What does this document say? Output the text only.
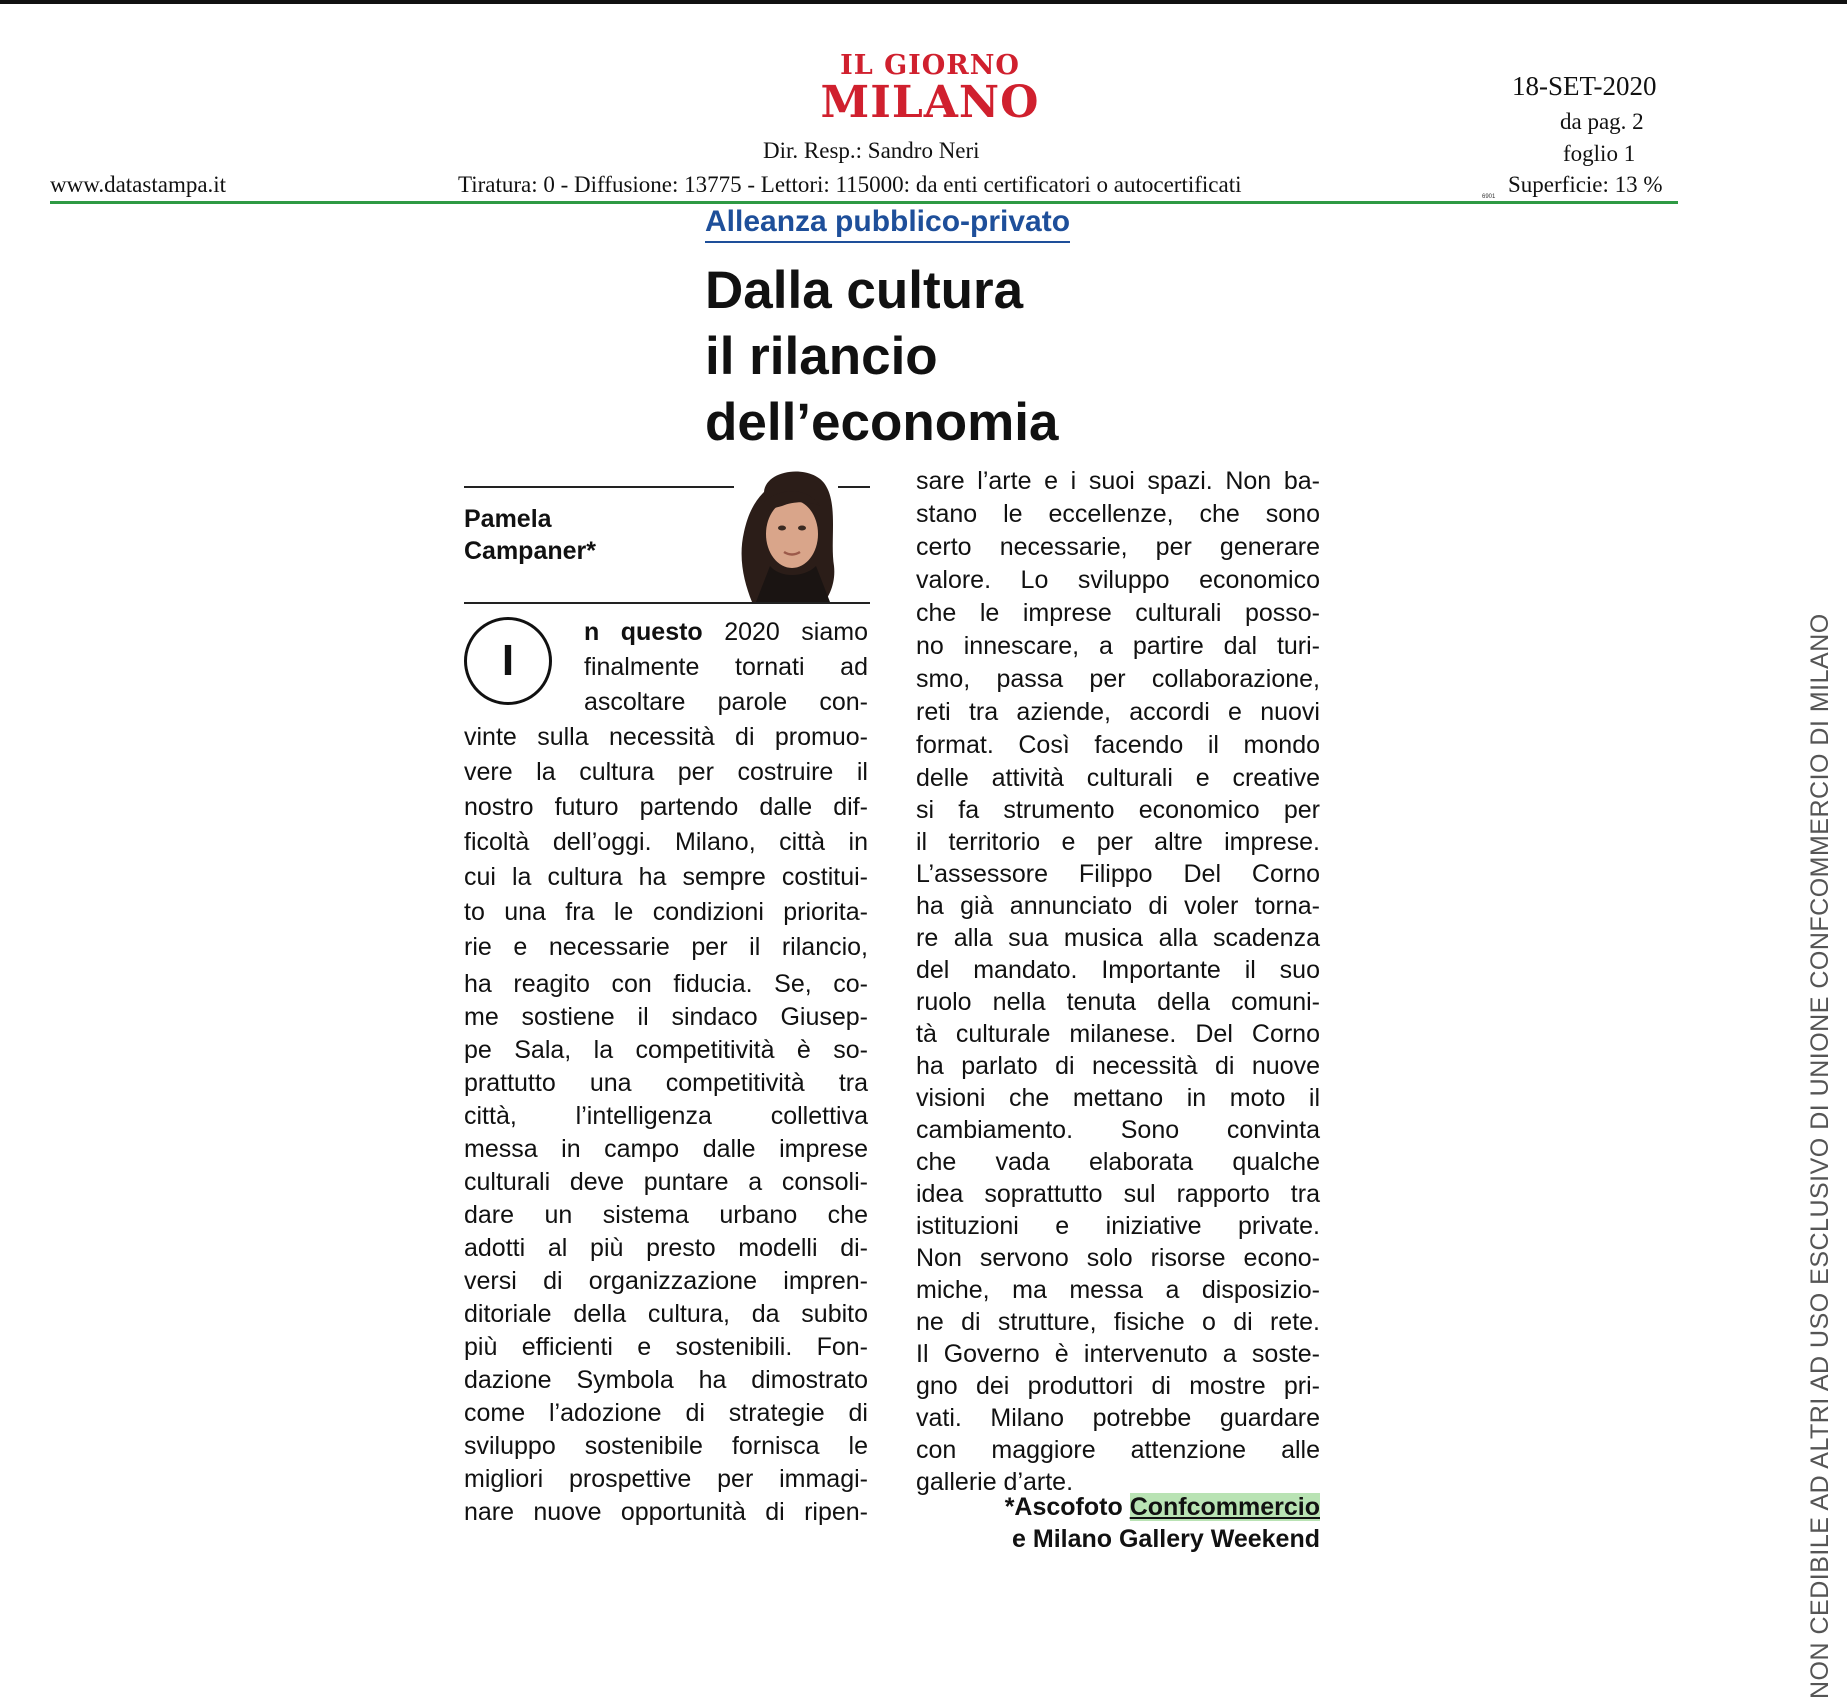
IL GIORNO
MILANO
Dir. Resp.: Sandro Neri
www.datastampa.it	Tiratura: 0 - Diffusione: 13775 - Lettori: 115000: da enti certificatori o autocertificati
18-SET-2020
da pag. 2
foglio 1
Superficie: 13 %
6901
Alleanza pubblico-privato
Dalla cultura
il rilancio
dell’economia
Pamela
Campaner*
I
n questo 2020 siamo
finalmente tornati ad
ascoltare parole con-
vinte sulla necessità di promuo-
vere la cultura per costruire il
nostro futuro partendo dalle dif-
ficoltà dell’oggi. Milano, città in
cui la cultura ha sempre costitui-
to una fra le condizioni priorita-
rie e necessarie per il rilancio,
ha reagito con fiducia. Se, co-
me sostiene il sindaco Giusep-
pe Sala, la competitività è so-
prattutto una competitività tra
città, l’intelligenza collettiva
messa in campo dalle imprese
culturali deve puntare a consoli-
dare un sistema urbano che
adotti al più presto modelli di-
versi di organizzazione impren-
ditoriale della cultura, da subito
più efficienti e sostenibili. Fon-
dazione Symbola ha dimostrato
come l’adozione di strategie di
sviluppo sostenibile fornisca le
migliori prospettive per immagi-
nare nuove opportunità di ripen-
sare l’arte e i suoi spazi. Non ba-
stano le eccellenze, che sono
certo necessarie, per generare
valore. Lo sviluppo economico
che le imprese culturali posso-
no innescare, a partire dal turi-
smo, passa per collaborazione,
reti tra aziende, accordi e nuovi
format. Così facendo il mondo
delle attività culturali e creative
si fa strumento economico per
il territorio e per altre imprese.
L’assessore Filippo Del Corno
ha già annunciato di voler torna-
re alla sua musica alla scadenza
del mandato. Importante il suo
ruolo nella tenuta della comuni-
tà culturale milanese. Del Corno
ha parlato di necessità di nuove
visioni che mettano in moto il
cambiamento. Sono convinta
che vada elaborata qualche
idea soprattutto sul rapporto tra
istituzioni e iniziative private.
Non servono solo risorse econo-
miche, ma messa a disposizio-
ne di strutture, fisiche o di rete.
Il Governo è intervenuto a soste-
gno dei produttori di mostre pri-
vati. Milano potrebbe guardare
con maggiore attenzione alle
gallerie d’arte.
*Ascofoto Confcommercio
e Milano Gallery Weekend	NON CEDIBILE AD ALTRI AD USO ESCLUSIVO DI UNIONE CONFCOMMERCIO DI MILANO
